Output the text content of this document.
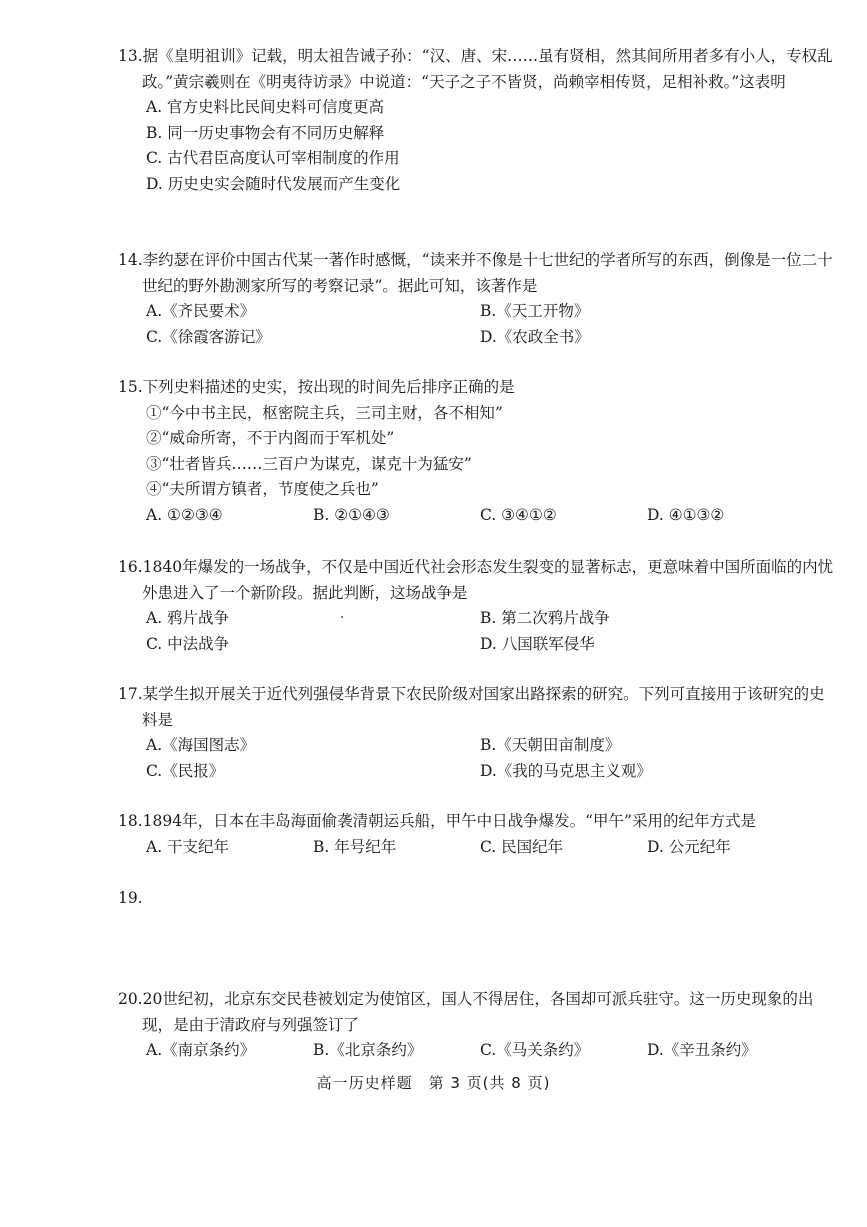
13.据《皇明祖训》记载，明太祖告诫子孙：“汉、唐、宋……虽有贤相，然其间所用者多有小人，专权乱政。”黄宗羲则在《明夷待访录》中说道：“天子之子不皆贤，尚赖宰相传贤，足相补救。”这表明

A. 官方史料比民间史料可信度更高
B. 同一历史事物会有不同历史解释
C. 古代君臣高度认可宰相制度的作用
D. 历史史实会随时代发展而产生变化

14.李约瑟在评价中国古代某一著作时感慨，“读来并不像是十七世纪的学者所写的东西，倒像是一位二十世纪的野外勘测家所写的考察记录”。据此可知，该著作是

A.《齐民要术》	B.《天工开物》
C.《徐霞客游记》	D.《农政全书》

15.下列史料描述的史实，按出现的时间先后排序正确的是

①“今中书主民，枢密院主兵，三司主财，各不相知”
②“威命所寄，不于内阁而于军机处”
③“壮者皆兵……三百户为谋克，谋克十为猛安”
④“夫所谓方镇者，节度使之兵也”
A. ①②③④	B. ②①④③	C. ③④①②	D. ④①③②

16.1840年爆发的一场战争，不仅是中国近代社会形态发生裂变的显著标志，更意味着中国所面临的内忧外患进入了一个新阶段。据此判断，这场战争是

A. 鸦片战争	B. 第二次鸦片战争
C. 中法战争	D. 八国联军侵华

17.某学生拟开展关于近代列强侵华背景下农民阶级对国家出路探索的研究。下列可直接用于该研究的史料是

A.《海国图志》	B.《天朝田亩制度》
C.《民报》	D.《我的马克思主义观》

18.1894年，日本在丰岛海面偷袭清朝运兵船，甲午中日战争爆发。“甲午”采用的纪年方式是

A. 干支纪年	B. 年号纪年	C. 民国纪年	D. 公元纪年

19.

20.20世纪初，北京东交民巷被划定为使馆区，国人不得居住，各国却可派兵驻守。这一历史现象的出现，是由于清政府与列强签订了

A.《南京条约》	B.《北京条约》	C.《马关条约》	D.《辛丑条约》
高一历史样题　第 3 页(共 8 页)
